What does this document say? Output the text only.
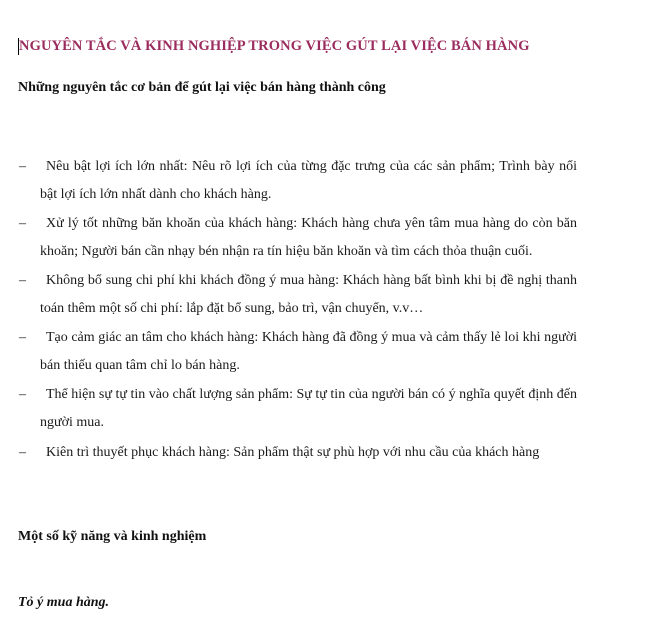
NGUYÊN TẮC VÀ KINH NGHIỆP TRONG VIỆC GÚT LẠI VIỆC BÁN HÀNG
Những nguyên tắc cơ bản để gút lại việc bán hàng thành công
–	Nêu bật lợi ích lớn nhất: Nêu rõ lợi ích của từng đặc trưng của các sản phẩm; Trình bày nổi bật lợi ích lớn nhất dành cho khách hàng.
–	Xử lý tốt những băn khoăn của khách hàng: Khách hàng chưa yên tâm mua hàng do còn băn khoăn; Người bán cần nhạy bén nhận ra tín hiệu băn khoăn và tìm cách thỏa thuận cuối.
–	Không bổ sung chi phí khi khách đồng ý mua hàng: Khách hàng bất bình khi bị đề nghị thanh toán thêm một số chi phí: lắp đặt bổ sung, bảo trì, vận chuyển, v.v…
–	Tạo cảm giác an tâm cho khách hàng: Khách hàng đã đồng ý mua và cảm thấy lẻ loi khi người bán thiếu quan tâm chỉ lo bán hàng.
–	Thể hiện sự tự tin vào chất lượng sản phẩm: Sự tự tin của người bán có ý nghĩa quyết định đến người mua.
–	Kiên trì thuyết phục khách hàng: Sản phẩm thật sự phù hợp với nhu cầu của khách hàng
Một số kỹ năng và kinh nghiệm
Tỏ ý mua hàng.
